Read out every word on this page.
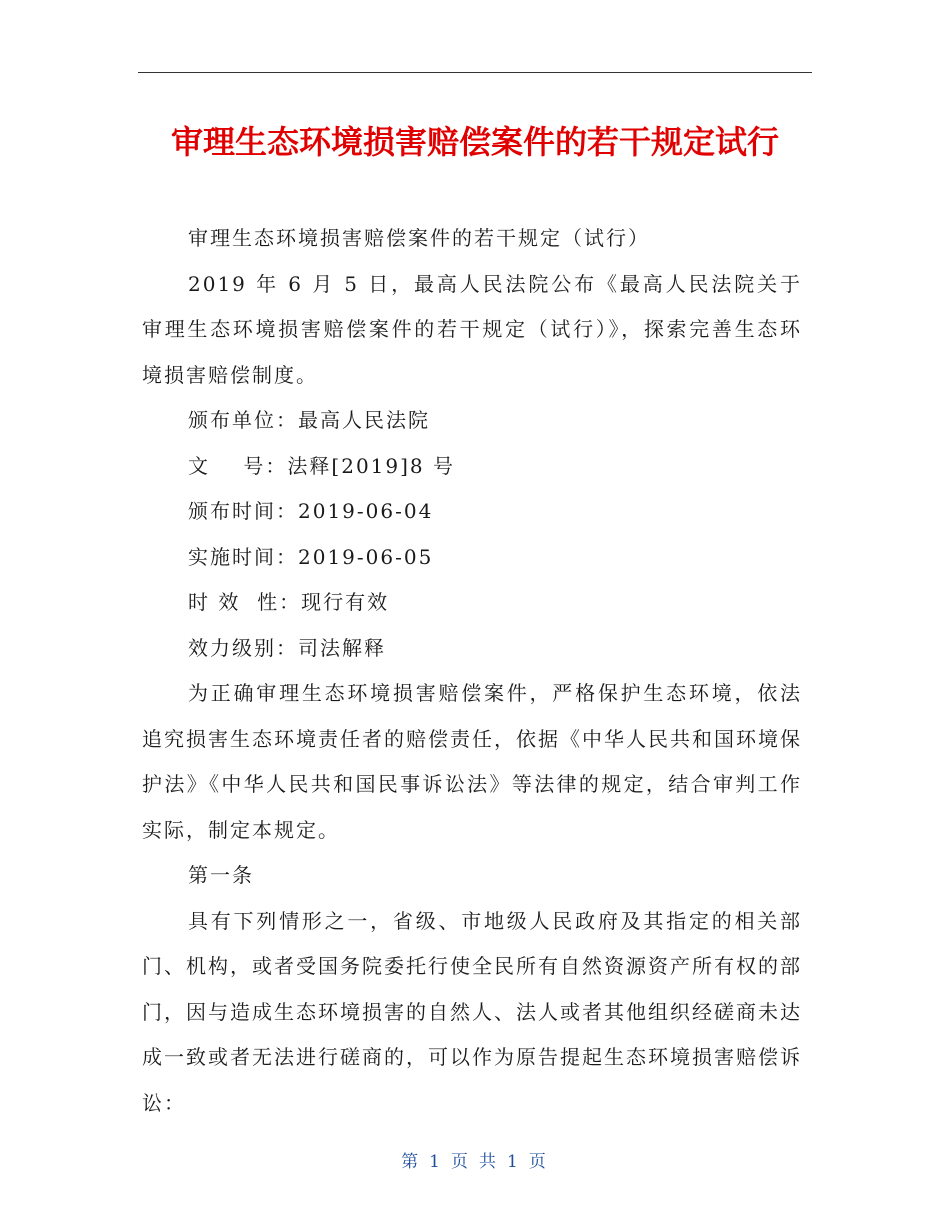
审理生态环境损害赔偿案件的若干规定试行

审理生态环境损害赔偿案件的若干规定（试行）

2019 年 6 月 5 日，最高人民法院公布《最高人民法院关于审理生态环境损害赔偿案件的若干规定（试行）》，探索完善生态环境损害赔偿制度。

颁布单位：最高人民法院

文    号：法释[2019]8 号

颁布时间：2019-06-04

实施时间：2019-06-05

时 效  性：现行有效

效力级别：司法解释

为正确审理生态环境损害赔偿案件，严格保护生态环境，依法追究损害生态环境责任者的赔偿责任，依据《中华人民共和国环境保护法》《中华人民共和国民事诉讼法》等法律的规定，结合审判工作实际，制定本规定。

第一条

具有下列情形之一，省级、市地级人民政府及其指定的相关部门、机构，或者受国务院委托行使全民所有自然资源资产所有权的部门，因与造成生态环境损害的自然人、法人或者其他组织经磋商未达成一致或者无法进行磋商的，可以作为原告提起生态环境损害赔偿诉讼：

第 1 页 共 1 页
